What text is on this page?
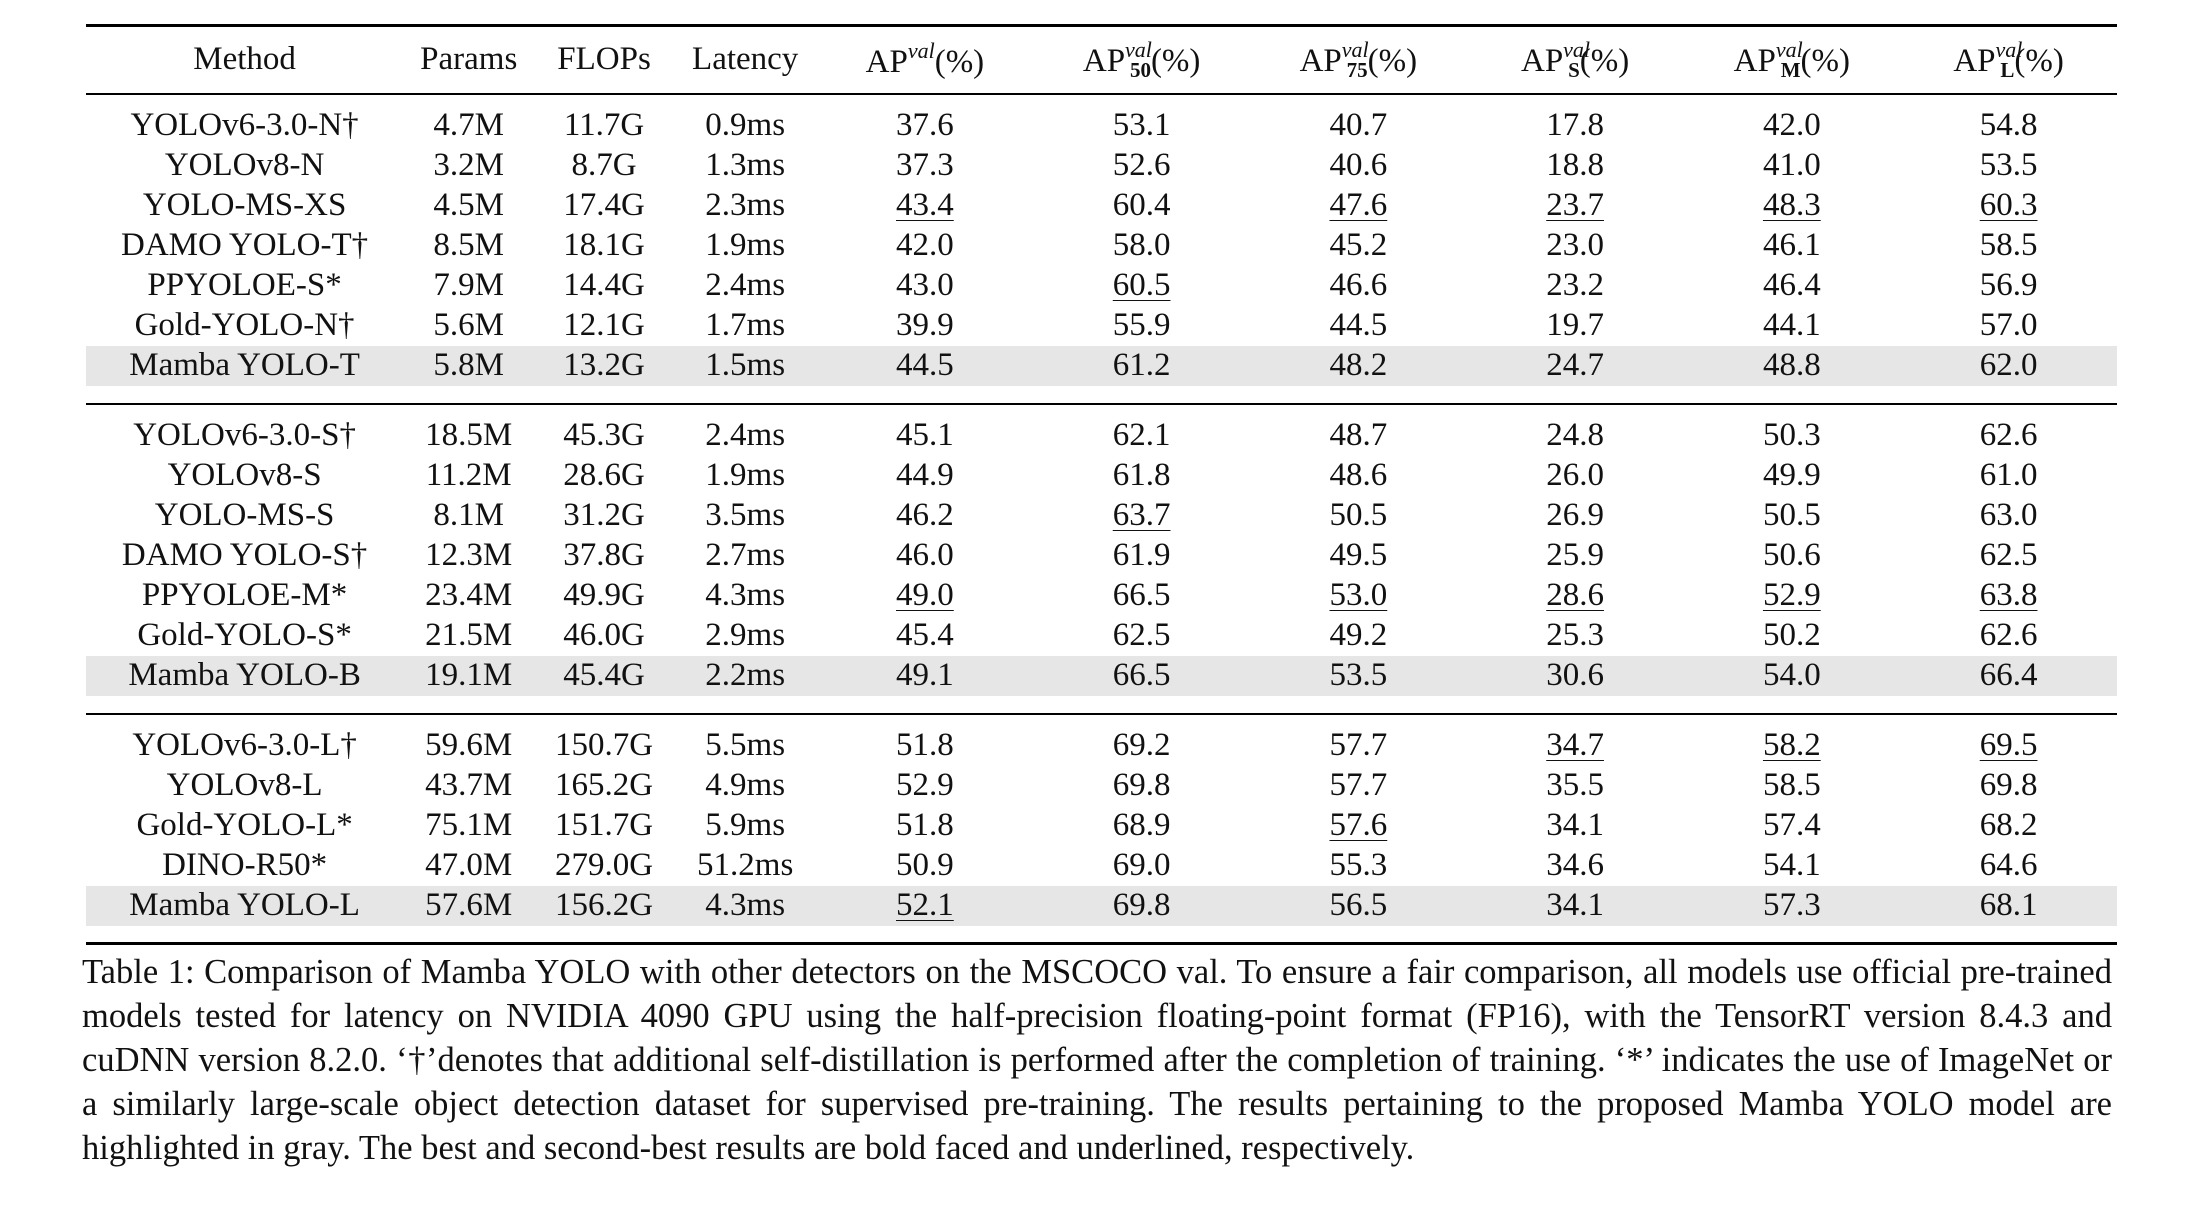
Method	Params	FLOPs	Latency	$AP^{val}(\%)$	$AP^{val}50(\%)$	$AP^{val}75(\%)$	$AP^{val}S(\%)$	$AP^{val}M(\%)$	$AP^{val}L(\%)$

YOLOv6-3.0-N†	4.7M	11.7G	0.9ms	37.6	53.1	40.7	17.8	42.0	54.8
YOLOv8-N	3.2M	8.7G	1.3ms	37.3	52.6	40.6	18.8	41.0	53.5
YOLO-MS-XS	4.5M	17.4G	2.3ms	43.4	60.4	47.6	23.7	48.3	60.3
DAMO YOLO-T†	8.5M	18.1G	1.9ms	42.0	58.0	45.2	23.0	46.1	58.5
PPYOLOE-S*	7.9M	14.4G	2.4ms	43.0	60.5	46.6	23.2	46.4	56.9
Gold-YOLO-N†	5.6M	12.1G	1.7ms	39.9	55.9	44.5	19.7	44.1	57.0
Mamba YOLO-T	5.8M	13.2G	1.5ms	44.5	61.2	48.2	24.7	48.8	62.0

YOLOv6-3.0-S†	18.5M	45.3G	2.4ms	45.1	62.1	48.7	24.8	50.3	62.6
YOLOv8-S	11.2M	28.6G	1.9ms	44.9	61.8	48.6	26.0	49.9	61.0
YOLO-MS-S	8.1M	31.2G	3.5ms	46.2	63.7	50.5	26.9	50.5	63.0
DAMO YOLO-S†	12.3M	37.8G	2.7ms	46.0	61.9	49.5	25.9	50.6	62.5
PPYOLOE-M*	23.4M	49.9G	4.3ms	49.0	66.5	53.0	28.6	52.9	63.8
Gold-YOLO-S*	21.5M	46.0G	2.9ms	45.4	62.5	49.2	25.3	50.2	62.6
Mamba YOLO-B	19.1M	45.4G	2.2ms	49.1	66.5	53.5	30.6	54.0	66.4

YOLOv6-3.0-L†	59.6M	150.7G	5.5ms	51.8	69.2	57.7	34.7	58.2	69.5
YOLOv8-L	43.7M	165.2G	4.9ms	52.9	69.8	57.7	35.5	58.5	69.8
Gold-YOLO-L*	75.1M	151.7G	5.9ms	51.8	68.9	57.6	34.1	57.4	68.2
DINO-R50*	47.0M	279.0G	51.2ms	50.9	69.0	55.3	34.6	54.1	64.6
Mamba YOLO-L	57.6M	156.2G	4.3ms	52.1	69.8	56.5	34.1	57.3	68.1

Table 1: Comparison of Mamba YOLO with other detectors on the MSCOCO val. To ensure a fair comparison, all models use official pre-trained models tested for latency on NVIDIA 4090 GPU using the half-precision floating-point format (FP16), with the TensorRT version 8.4.3 and cuDNN version 8.2.0. ‘†’denotes that additional self-distillation is performed after the completion of training. ‘*’ indicates the use of ImageNet or a similarly large-scale object detection dataset for supervised pre-training. The results pertaining to the proposed Mamba YOLO model are highlighted in gray. The best and second-best results are bold faced and underlined, respectively.
